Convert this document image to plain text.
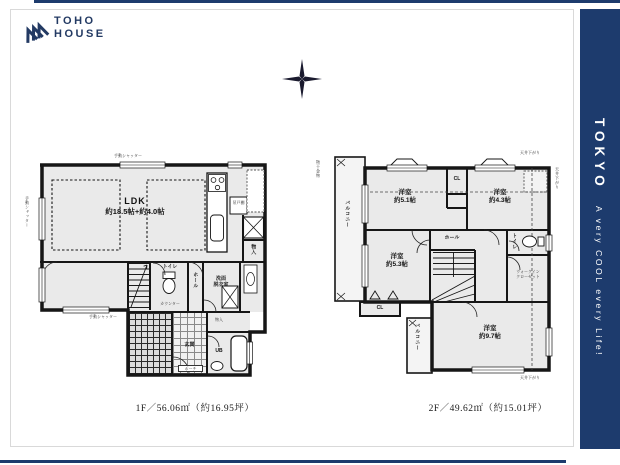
TOHO
HOUSE
TOKYO
A very COOL every Life!
LDK
約18.5帖+約4.0帖
吊戸棚
トイレ
カウンター
ホール	洗面
脱衣室
物入
物入
玄関
ポーチ
UB
手動シャッター
手動シャッター
手動シャッター
洋室
約5.1帖
洋室
約4.3帖
洋室
約5.3帖
洋室
約9.7帖
バルコニー
バルコニー
ホール	トイレ
ウォークイン
クローゼット
CL
CL
天井下がり
天井下がり
天井下がり
物干金物
1F／56.06㎡（約16.95坪）	2F／49.62㎡（約15.01坪）
